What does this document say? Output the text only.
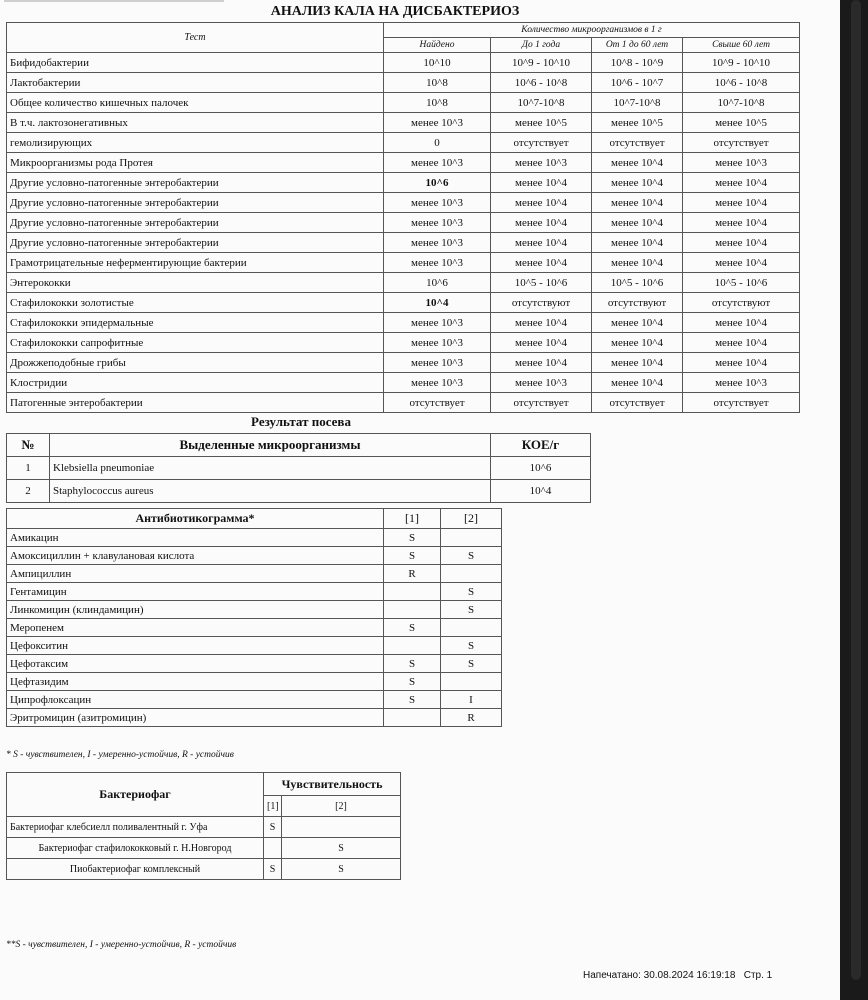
АНАЛИЗ КАЛА НА ДИСБАКТЕРИОЗ
Тест	Количество микроорганизмов в 1 г			
	Найдено	До 1 года	От 1 до 60 лет	Свыше 60 лет
Бифидобактерии	10^10	10^9 - 10^10	10^8 - 10^9	10^9 - 10^10
Лактобактерии	10^8	10^6 - 10^8	10^6 - 10^7	10^6 - 10^8
Общее количество кишечных палочек	10^8	10^7-10^8	10^7-10^8	10^7-10^8
В т.ч. лактозонегативных	менее 10^3	менее 10^5	менее 10^5	менее 10^5
гемолизирующих	0	отсутствует	отсутствует	отсутствует
Микроорганизмы рода Протея	менее 10^3	менее 10^3	менее 10^4	менее 10^3
Другие условно-патогенные энтеробактерии	10^6	менее 10^4	менее 10^4	менее 10^4
Другие условно-патогенные энтеробактерии	менее 10^3	менее 10^4	менее 10^4	менее 10^4
Другие условно-патогенные энтеробактерии	менее 10^3	менее 10^4	менее 10^4	менее 10^4
Другие условно-патогенные энтеробактерии	менее 10^3	менее 10^4	менее 10^4	менее 10^4
Грамотрицательные неферментирующие бактерии	менее 10^3	менее 10^4	менее 10^4	менее 10^4
Энтерококки	10^6	10^5 - 10^6	10^5 - 10^6	10^5 - 10^6
Стафилококки золотистые	10^4	отсутствуют	отсутствуют	отсутствуют
Стафилококки эпидермальные	менее 10^3	менее 10^4	менее 10^4	менее 10^4
Стафилококки сапрофитные	менее 10^3	менее 10^4	менее 10^4	менее 10^4
Дрожжеподобные грибы	менее 10^3	менее 10^4	менее 10^4	менее 10^4
Клостридии	менее 10^3	менее 10^3	менее 10^4	менее 10^3
Патогенные энтеробактерии	отсутствует	отсутствует	отсутствует	отсутствует
Результат посева
№	Выделенные микроорганизмы	КОЕ/г
1	Klebsiella pneumoniae	10^6
2	Staphylococcus aureus	10^4
Антибиотикограмма*	[1]	[2]
Амикацин	S	
Амоксициллин + клавулановая кислота	S	S
Ампициллин	R	
Гентамицин		S
Линкомицин (клиндамицин)		S
Меропенем	S	
Цефокситин		S
Цефотаксим	S	S
Цефтазидим	S	
Ципрофлоксацин	S	I
Эритромицин (азитромицин)		R
* S - чувствителен, I - умеренно-устойчив, R - устойчив
Бактериофаг	Чувствительность	
	[1]	[2]
Бактериофаг клебсиелл поливалентный г. Уфа	S	
Бактериофаг стафилококковый г. Н.Новгород		S
Пиобактериофаг комплексный	S	S
**S - чувствителен, I - умеренно-устойчив, R - устойчив
Напечатано: 30.08.2024 16:19:18 Стр. 1
